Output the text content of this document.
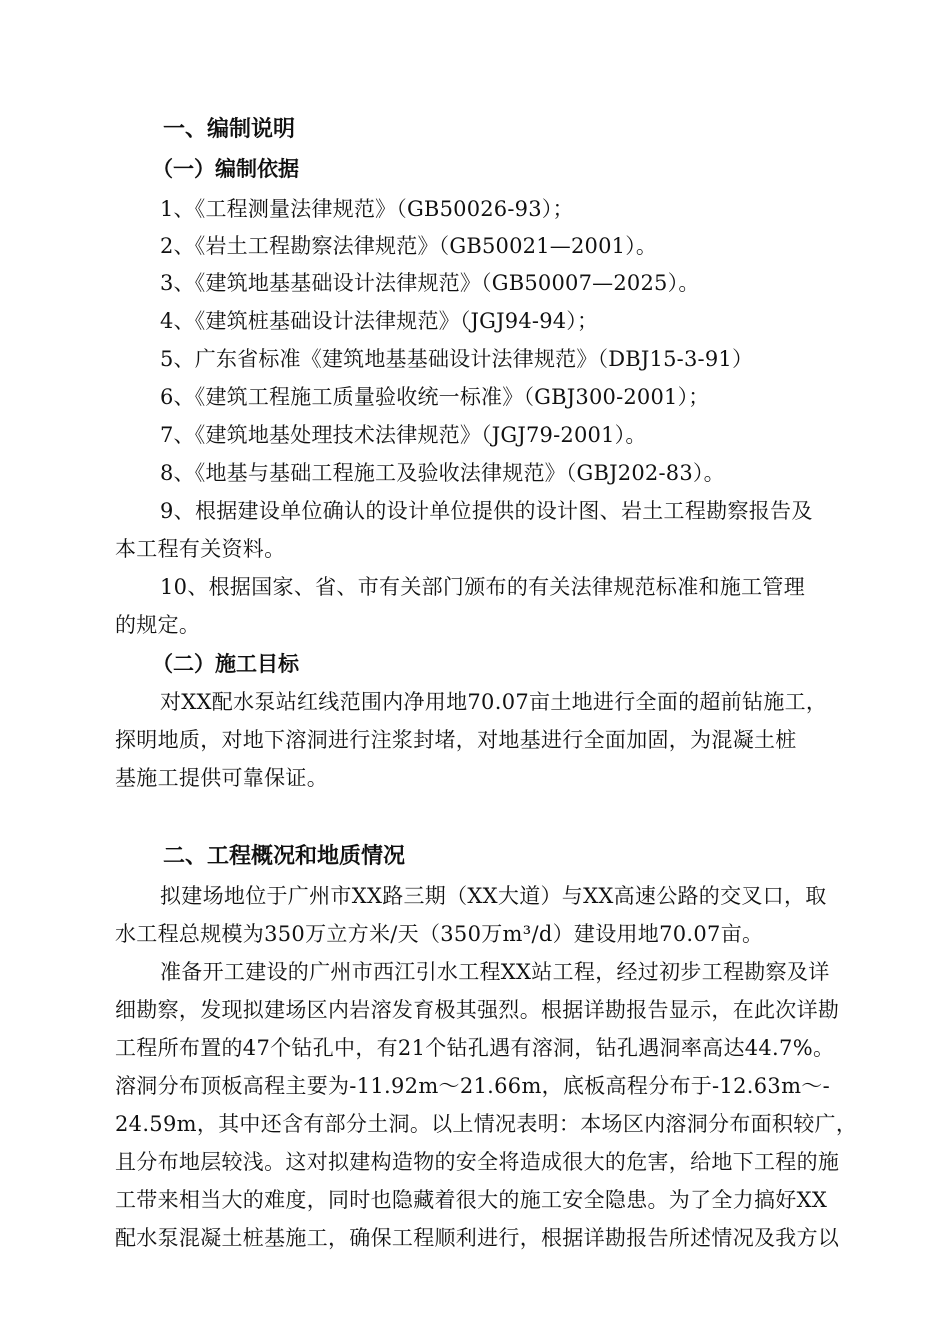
一、编制说明
（一）编制依据
1、《工程测量法律规范》（GB50026-93）；
2、《岩土工程勘察法律规范》（GB50021—2001）。
3、《建筑地基基础设计法律规范》（GB50007—2025）。
4、《建筑桩基础设计法律规范》（JGJ94-94）；
5、广东省标准《建筑地基基础设计法律规范》（DBJ15-3-91）
6、《建筑工程施工质量验收统一标准》（GBJ300-2001）；
7、《建筑地基处理技术法律规范》（JGJ79-2001）。
8、《地基与基础工程施工及验收法律规范》（GBJ202-83）。
9、根据建设单位确认的设计单位提供的设计图、岩土工程勘察报告及
本工程有关资料。
10、根据国家、省、市有关部门颁布的有关法律规范标准和施工管理
的规定。
（二）施工目标
对XX配水泵站红线范围内净用地70.07亩土地进行全面的超前钻施工，
探明地质，对地下溶洞进行注浆封堵，对地基进行全面加固，为混凝土桩
基施工提供可靠保证。
二、工程概况和地质情况
拟建场地位于广州市XX路三期（XX大道）与XX高速公路的交叉口，取
水工程总规模为350万立方米/天（350万m³/d）建设用地70.07亩。
准备开工建设的广州市西江引水工程XX站工程，经过初步工程勘察及详
细勘察，发现拟建场区内岩溶发育极其强烈。根据详勘报告显示，在此次详勘
工程所布置的47个钻孔中，有21个钻孔遇有溶洞，钻孔遇洞率高达44.7%。
溶洞分布顶板高程主要为-11.92m～21.66m，底板高程分布于-12.63m～-
24.59m，其中还含有部分土洞。以上情况表明：本场区内溶洞分布面积较广，
且分布地层较浅。这对拟建构造物的安全将造成很大的危害，给地下工程的施
工带来相当大的难度，同时也隐藏着很大的施工安全隐患。为了全力搞好XX
配水泵混凝土桩基施工，确保工程顺利进行，根据详勘报告所述情况及我方以
